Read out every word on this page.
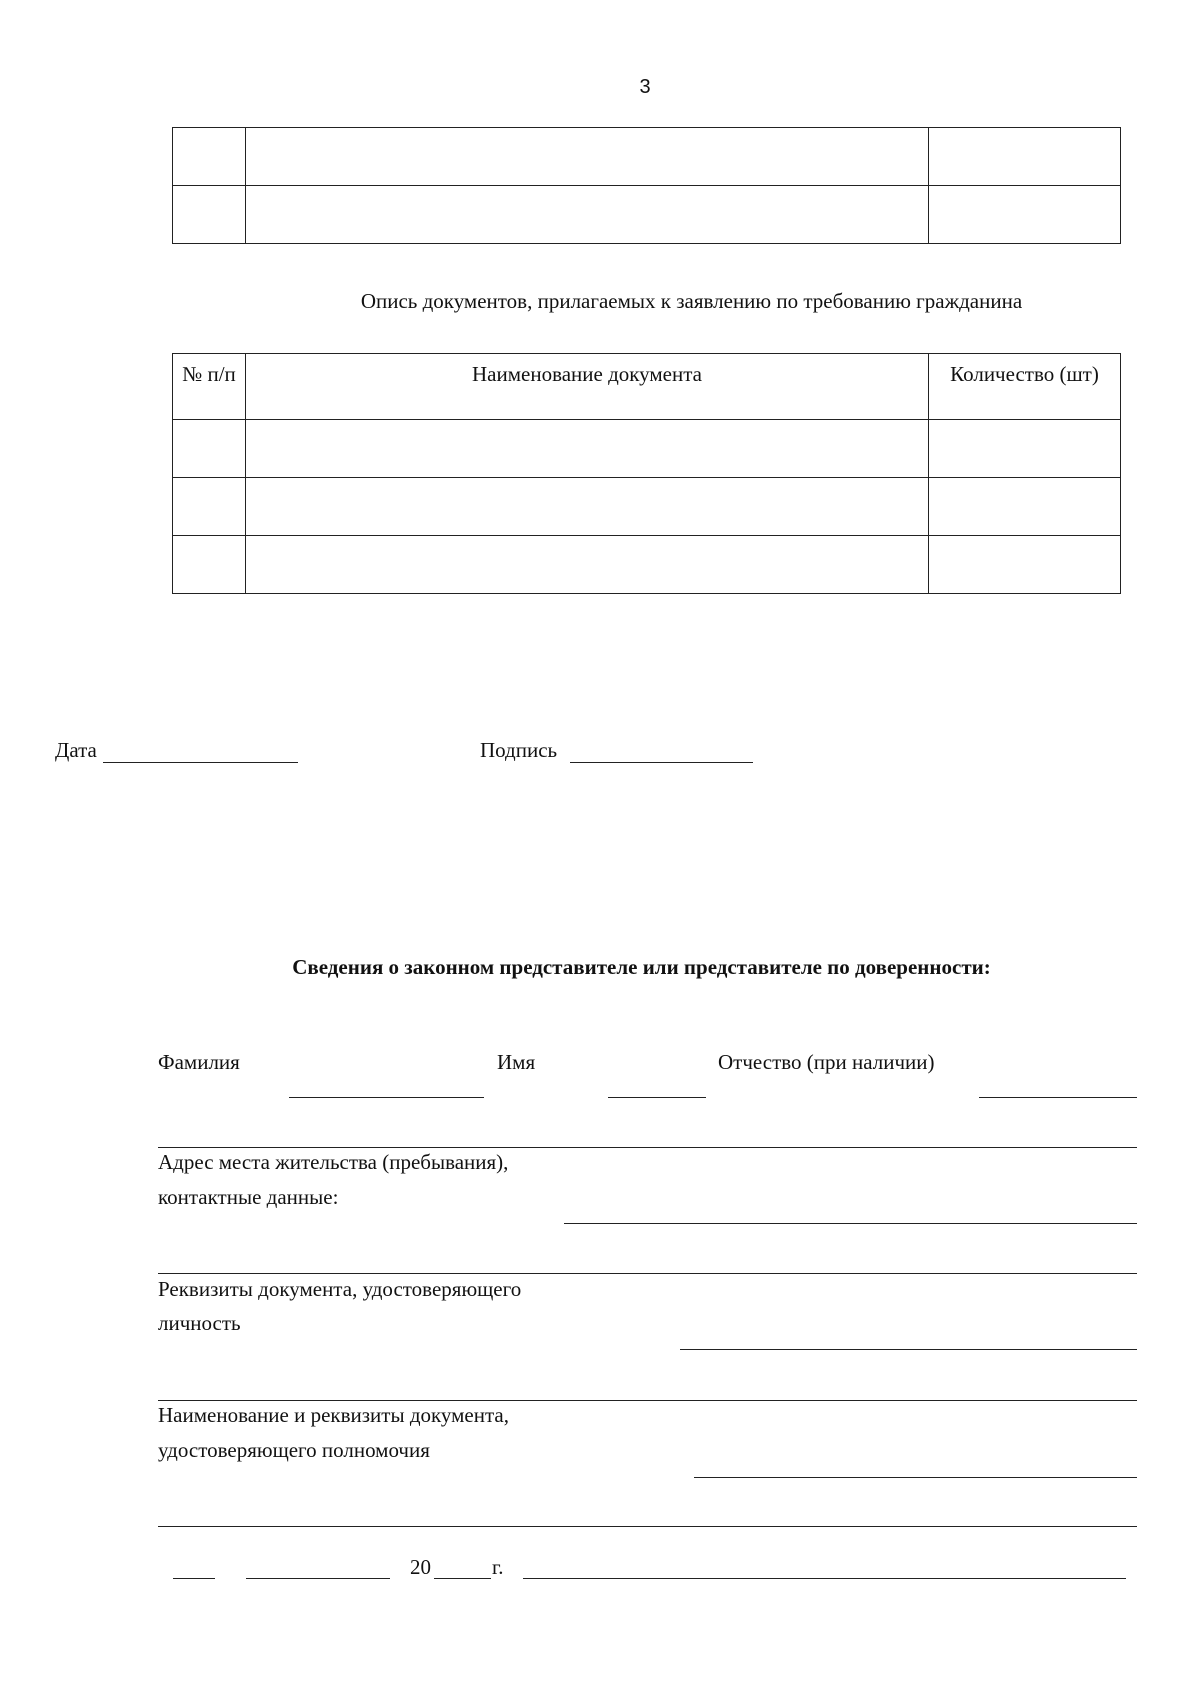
3

Опись документов, прилагаемых к заявлению по требованию гражданина
№ п/п	Наименование документа	Количество (шт)

Дата	Подпись
Сведения о законном представителе или представителе по доверенности:
Фамилия	Имя	Отчество (при наличии)
Адрес места жительства (пребывания),
контактные данные:
Реквизиты документа, удостоверяющего
личность
Наименование и реквизиты документа,
удостоверяющего полномочия
20	г.
